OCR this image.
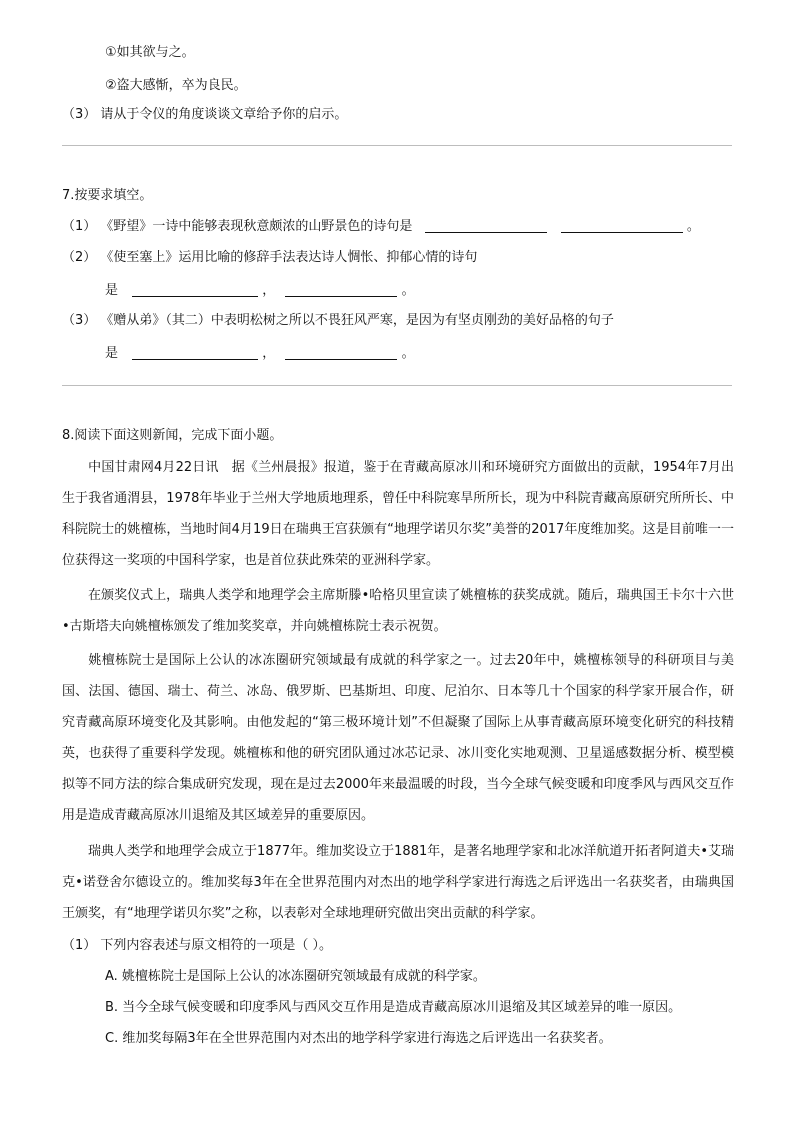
①如其欲与之。
②盗大感惭，卒为良民。
（3） 请从于令仪的角度谈谈文章给予你的启示。
7.按要求填空。
（1） 《野望》一诗中能够表现秋意颇浓的山野景色的诗句是	。
（2） 《使至塞上》运用比喻的修辞手法表达诗人惆怅、抑郁心情的诗句
是	，	。
（3） 《赠从弟》（其二）中表明松树之所以不畏狂风严寒，是因为有坚贞刚劲的美好品格的句子
是	，	。
8.阅读下面这则新闻，完成下面小题。
中国甘肃网4月22日讯　据《兰州晨报》报道，鉴于在青藏高原冰川和环境研究方面做出的贡献，1954年7月出生于我省通渭县，1978年毕业于兰州大学地质地理系，曾任中科院寒旱所所长，现为中科院青藏高原研究所所长、中科院院士的姚檀栋，当地时间4月19日在瑞典王宫获颁有“地理学诺贝尔奖”美誉的2017年度维加奖。这是目前唯一一位获得这一奖项的中国科学家，也是首位获此殊荣的亚洲科学家。
在颁奖仪式上，瑞典人类学和地理学会主席斯滕•哈格贝里宣读了姚檀栋的获奖成就。随后，瑞典国王卡尔十六世•古斯塔夫向姚檀栋颁发了维加奖奖章，并向姚檀栋院士表示祝贺。
姚檀栋院士是国际上公认的冰冻圈研究领域最有成就的科学家之一。过去20年中，姚檀栋领导的科研项目与美国、法国、德国、瑞士、荷兰、冰岛、俄罗斯、巴基斯坦、印度、尼泊尔、日本等几十个国家的科学家开展合作，研究青藏高原环境变化及其影响。由他发起的“第三极环境计划”不但凝聚了国际上从事青藏高原环境变化研究的科技精英，也获得了重要科学发现。姚檀栋和他的研究团队通过冰芯记录、冰川变化实地观测、卫星遥感数据分析、模型模拟等不同方法的综合集成研究发现，现在是过去2000年来最温暖的时段，当今全球气候变暖和印度季风与西风交互作用是造成青藏高原冰川退缩及其区域差异的重要原因。
瑞典人类学和地理学会成立于1877年。维加奖设立于1881年，是著名地理学家和北冰洋航道开拓者阿道夫•艾瑞克•诺登舍尔德设立的。维加奖每3年在全世界范围内对杰出的地学科学家进行海选之后评选出一名获奖者，由瑞典国王颁奖，有“地理学诺贝尔奖”之称，以表彰对全球地理研究做出突出贡献的科学家。
（1） 下列内容表述与原文相符的一项是（ ）。
A. 姚檀栋院士是国际上公认的冰冻圈研究领域最有成就的科学家。
B. 当今全球气候变暖和印度季风与西风交互作用是造成青藏高原冰川退缩及其区域差异的唯一原因。
C. 维加奖每隔3年在全世界范围内对杰出的地学科学家进行海选之后评选出一名获奖者。
